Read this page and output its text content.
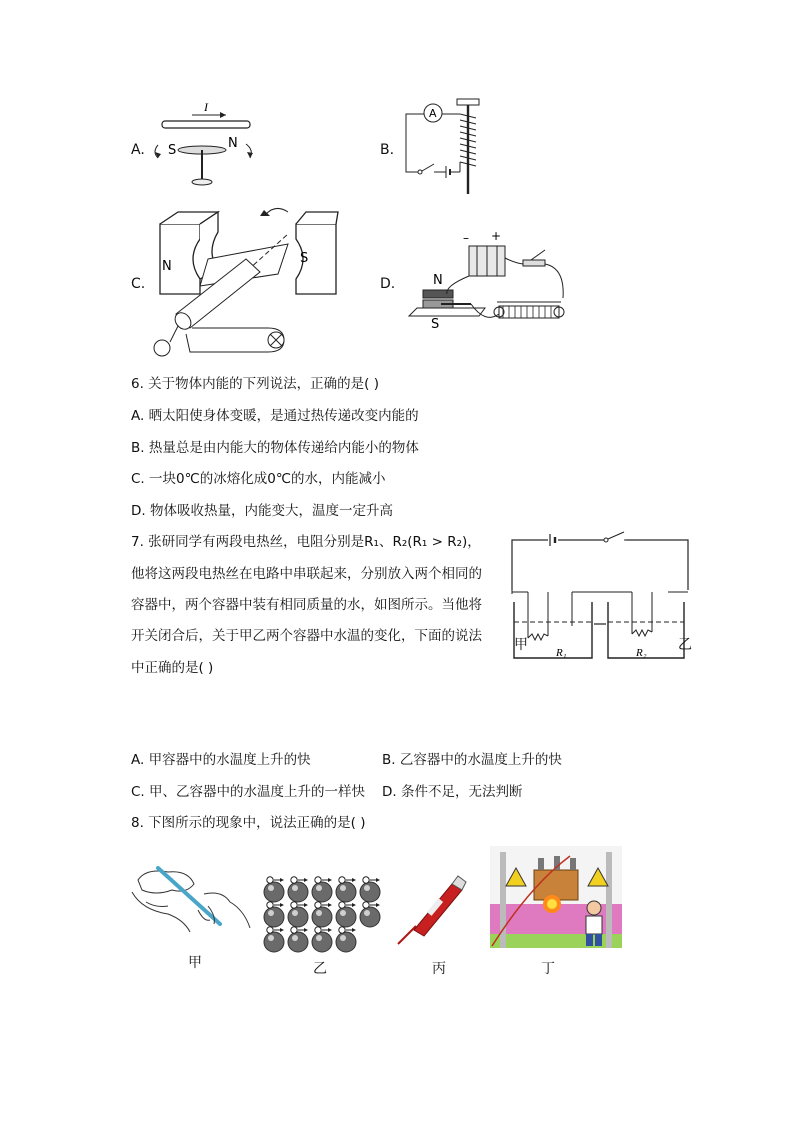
A.
I
S	N	B.
A
C.
N
S
D.
– +
N
S
6. 关于物体内能的下列说法，正确的是( )
A. 晒太阳使身体变暖，是通过热传递改变内能的
B. 热量总是由内能大的物体传递给内能小的物体
C. 一块0℃的冰熔化成0℃的水，内能减小
D. 物体吸收热量，内能变大，温度一定升高
7. 张研同学有两段电热丝，电阻分别是R₁、R₂(R₁ > R₂)，
他将这两段电热丝在电路中串联起来，分别放入两个相同的
容器中，两个容器中装有相同质量的水，如图所示。当他将
开关闭合后，关于甲乙两个容器中水温的变化，下面的说法
中正确的是( )
R₁	R₂
甲	乙
A. 甲容器中的水温度上升的快	B. 乙容器中的水温度上升的快
C. 甲、乙容器中的水温度上升的一样快 D. 条件不足，无法判断
8. 下图所示的现象中，说法正确的是( )
甲	乙	丙	丁
